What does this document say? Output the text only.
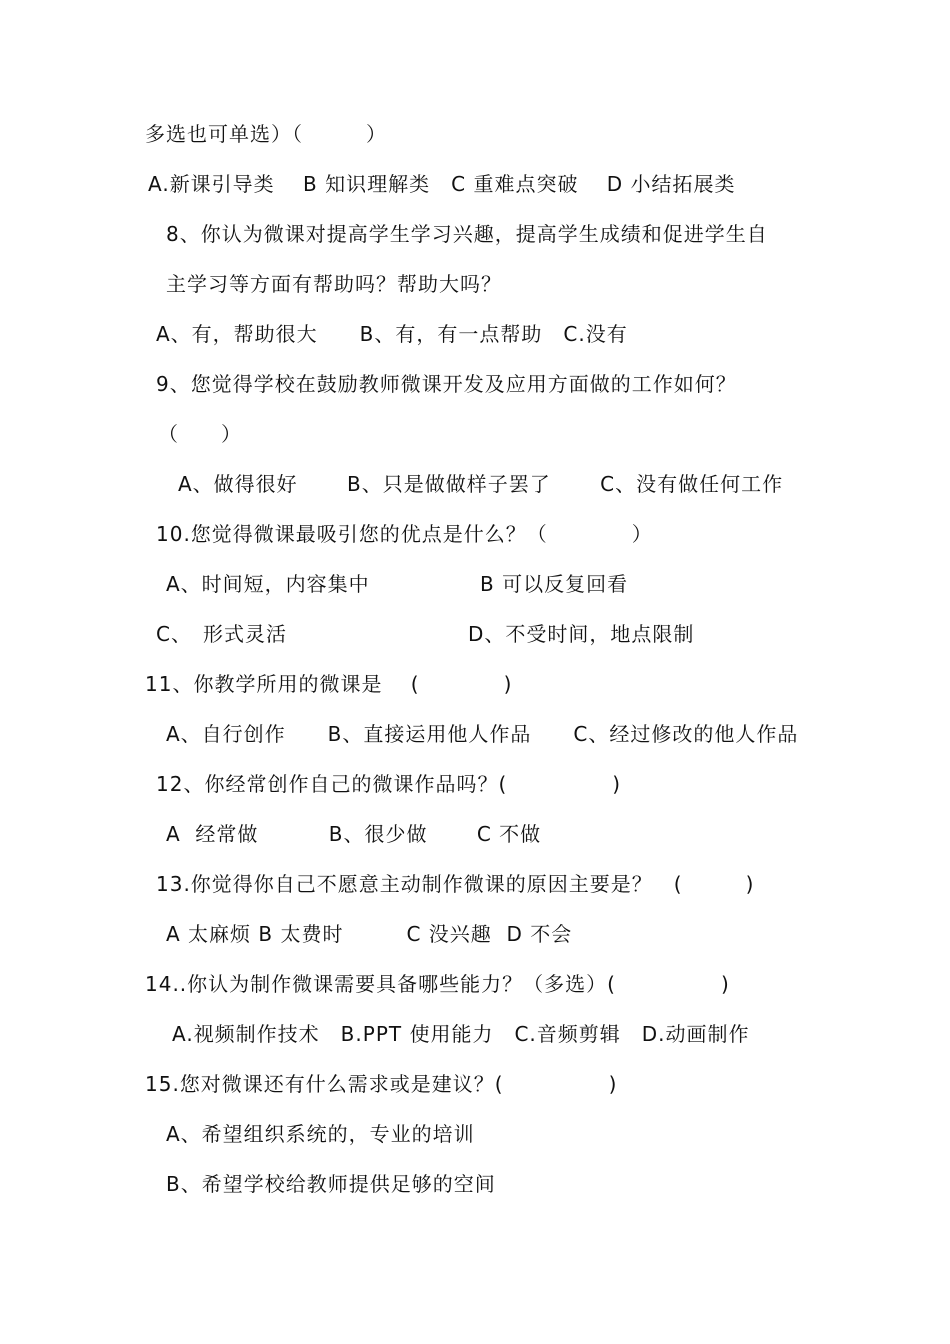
多选也可单选）（　　　）
A.新课引导类　 B 知识理解类　C 重难点突破　 D 小结拓展类
8、你认为微课对提高学生学习兴趣，提高学生成绩和促进学生自
主学习等方面有帮助吗？帮助大吗？
A、有，帮助很大　　B、有，有一点帮助　C.没有
9、您觉得学校在鼓励教师微课开发及应用方面做的工作如何？
（　　）
A、做得很好　　 B、只是做做样子罢了　　 C、没有做任何工作
10.您觉得微课最吸引您的优点是什么？（　　　　）
A、时间短，内容集中	B 可以反复回看
C、　形式灵活	D、不受时间，地点限制
11、你教学所用的微课是　 (　　　　)
A、自行创作　　B、直接运用他人作品　　C、经过修改的他人作品
12、你经常创作自己的微课作品吗？(　　　　　)
A  经常做　　　 B、很少做　　 C 不做
13.你觉得你自己不愿意主动制作微课的原因主要是？　(　　　)
A 太麻烦 B 太费时　　　C 没兴趣  D 不会
14..你认为制作微课需要具备哪些能力？（多选）(　　　　　)
A.视频制作技术　B.PPT 使用能力　C.音频剪辑　D.动画制作
15.您对微课还有什么需求或是建议？(　　　　　)
A、希望组织系统的，专业的培训
B、希望学校给教师提供足够的空间
